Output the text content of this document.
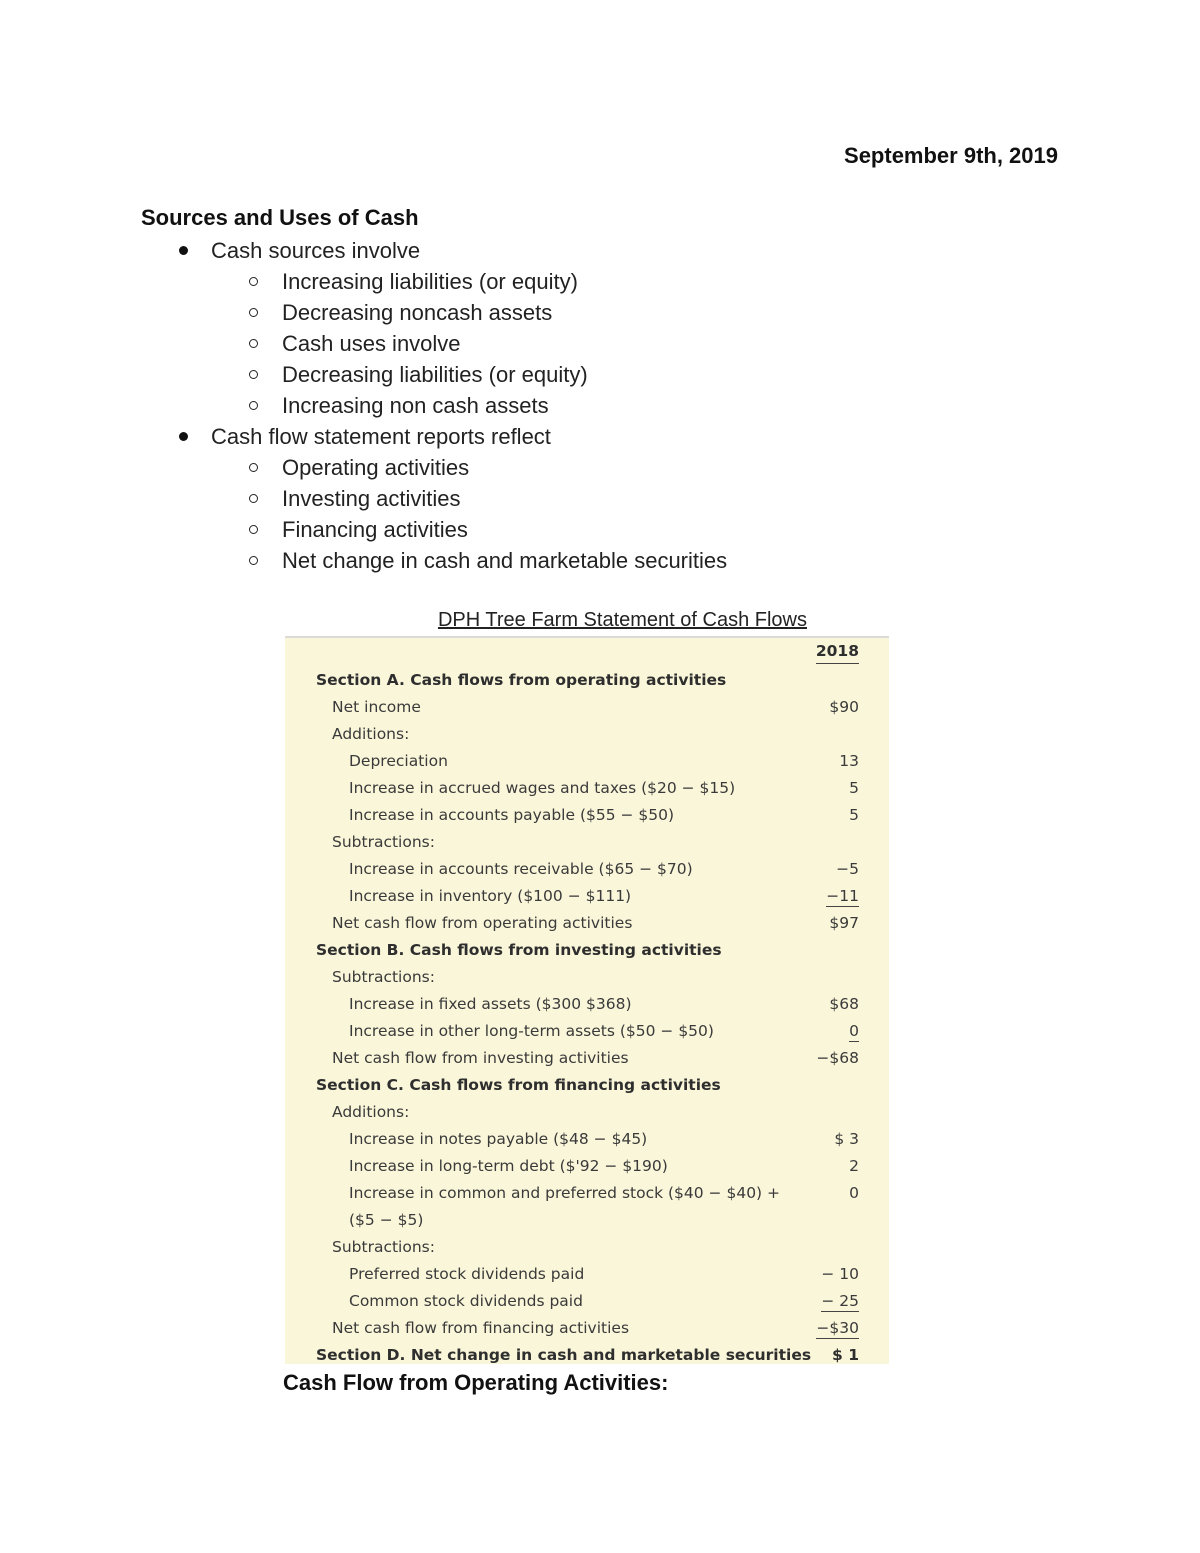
September 9th, 2019
Sources and Uses of Cash
Cash sources involve
Increasing liabilities (or equity)
Decreasing noncash assets
Cash uses involve
Decreasing liabilities (or equity)
Increasing non cash assets
Cash flow statement reports reflect
Operating activities
Investing activities
Financing activities
Net change in cash and marketable securities
DPH Tree Farm Statement of Cash Flows
2018
Section A. Cash flows from operating activities
Net income	$90
Additions:
Depreciation	13
Increase in accrued wages and taxes ($20 − $15)	5
Increase in accounts payable ($55 − $50)	5
Subtractions:
Increase in accounts receivable ($65 − $70)	−5
Increase in inventory ($100 − $111)	−11
Net cash flow from operating activities	$97
Section B. Cash flows from investing activities
Subtractions:
Increase in fixed assets ($300 $368)	$68
Increase in other long-term assets ($50 − $50)	0
Net cash flow from investing activities	−$68
Section C. Cash flows from financing activities
Additions:
Increase in notes payable ($48 − $45)	$ 3
Increase in long-term debt ($'92 − $190)	2
Increase in common and preferred stock ($40 − $40) +	0
($5 − $5)
Subtractions:
Preferred stock dividends paid	− 10
Common stock dividends paid	− 25
Net cash flow from financing activities	−$30
Section D. Net change in cash and marketable securities $ 1
Cash Flow from Operating Activities:
